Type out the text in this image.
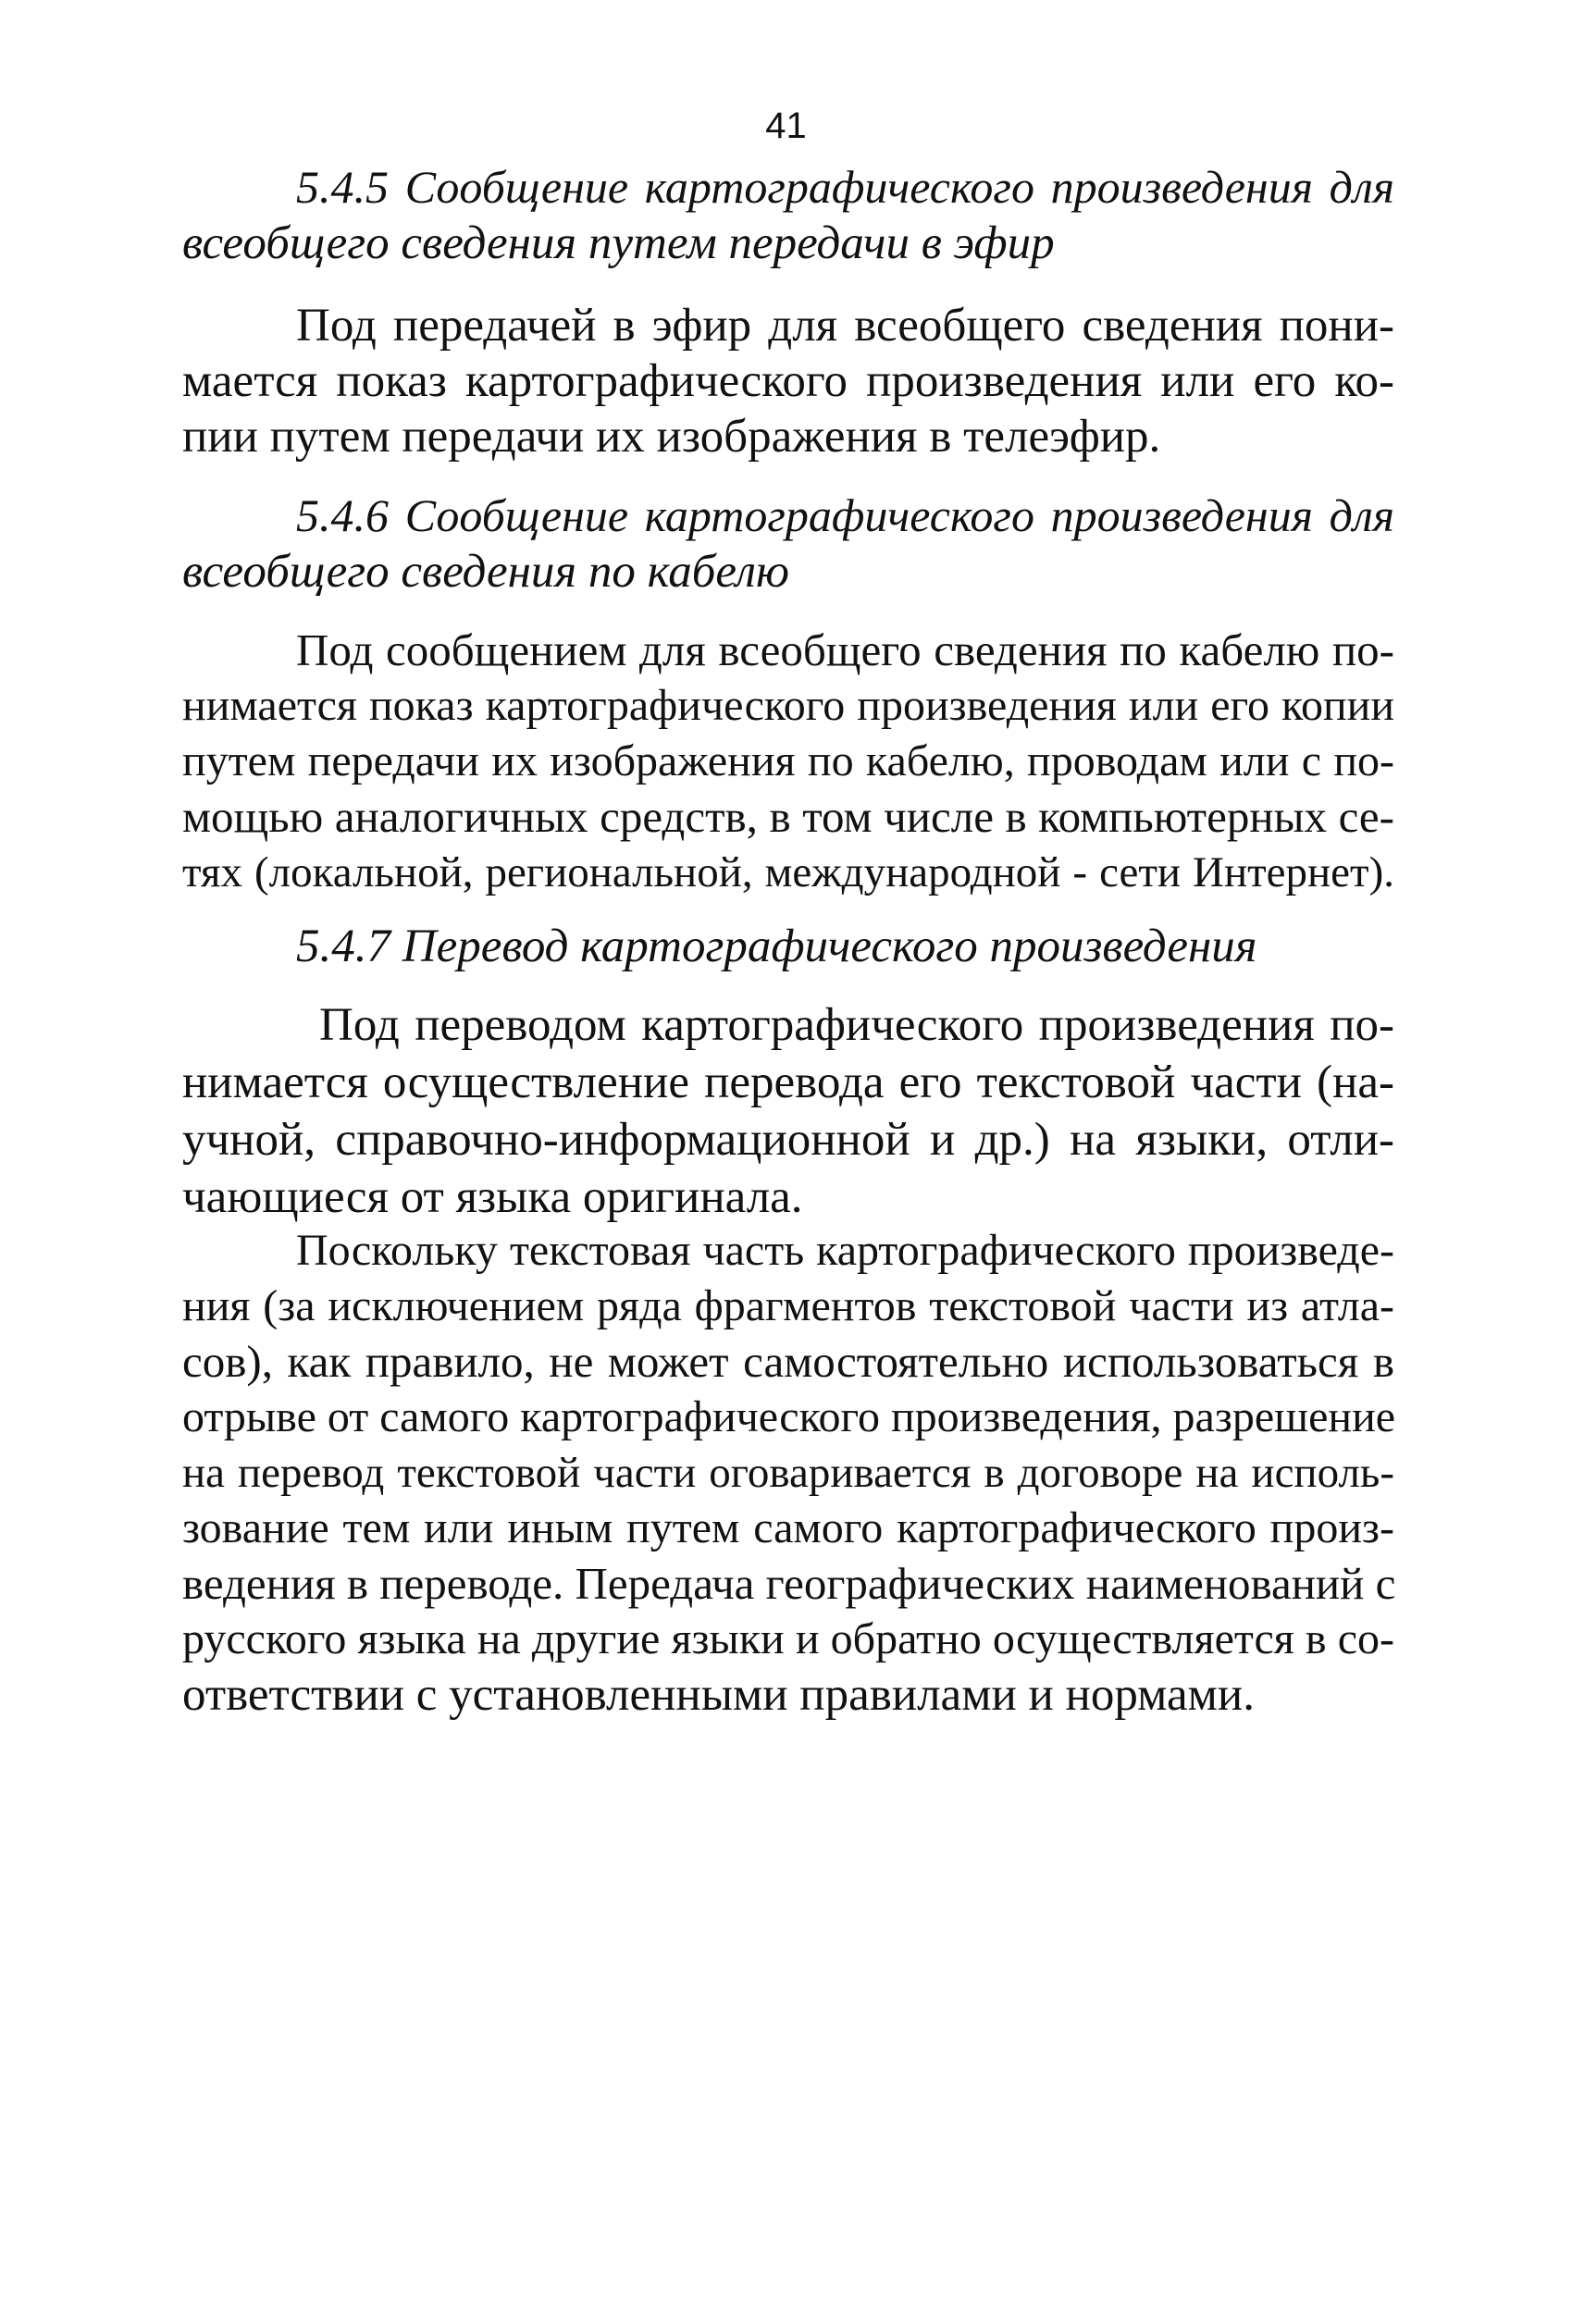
41
5.4.5 Сообщение картографического произведения для
всеобщего сведения путем передачи в эфир
Под передачей в эфир для всеобщего сведения пони-
мается показ картографического произведения или его ко-
пии путем передачи их изображения в телеэфир.
5.4.6 Сообщение картографического произведения для
всеобщего сведения по кабелю
Под сообщением для всеобщего сведения по кабелю по-
нимается показ картографического произведения или его копии
путем передачи их изображения по кабелю, проводам или с по-
мощью аналогичных средств, в том числе в компьютерных се-
тях (локальной, региональной, международной - сети Интернет).
5.4.7 Перевод картографического произведения
Под переводом картографического произведения по-
нимается осуществление перевода его текстовой части (на-
учной, справочно-информационной и др.) на языки, отли-
чающиеся от языка оригинала.
Поскольку текстовая часть картографического произведе-
ния (за исключением ряда фрагментов текстовой части из атла-
сов), как правило, не может самостоятельно использоваться в
отрыве от самого картографического произведения, разрешение
на перевод текстовой части оговаривается в договоре на исполь-
зование тем или иным путем самого картографического произ-
ведения в переводе. Передача географических наименований с
русского языка на другие языки и обратно осуществляется в со-
ответствии с установленными правилами и нормами.
